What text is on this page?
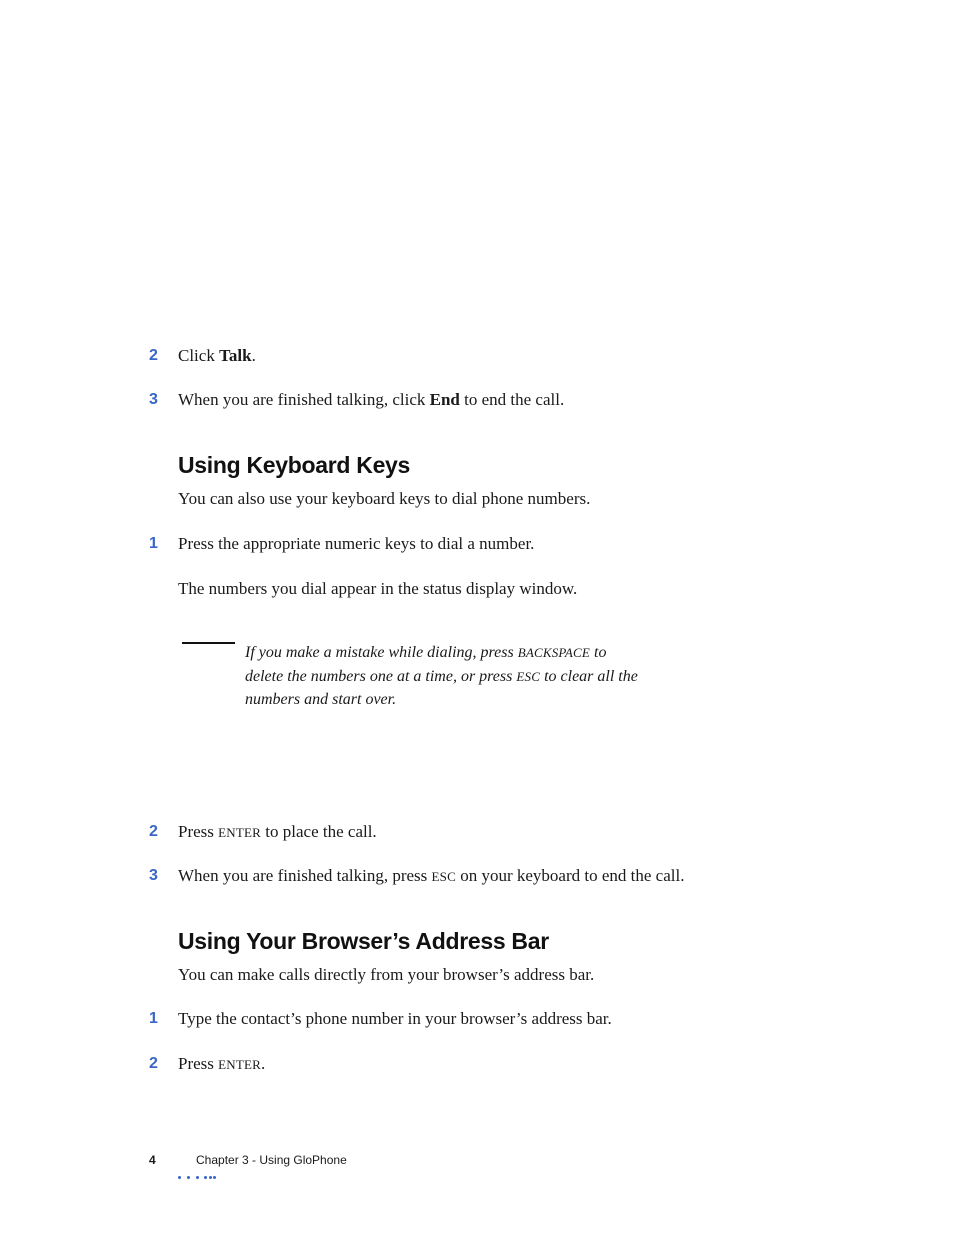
2 Click Talk.
3 When you are finished talking, click End to end the call.
Using Keyboard Keys
You can also use your keyboard keys to dial phone numbers.
1 Press the appropriate numeric keys to dial a number.
The numbers you dial appear in the status display window.
If you make a mistake while dialing, press BACKSPACE to
delete the numbers one at a time, or press ESC to clear all the
numbers and start over.
2 Press ENTER to place the call.
3 When you are finished talking, press ESC on your keyboard to end the call.
Using Your Browser’s Address Bar
You can make calls directly from your browser’s address bar.
1 Type the contact’s phone number in your browser’s address bar.
2 Press ENTER.
4	Chapter 3 - Using GloPhone
